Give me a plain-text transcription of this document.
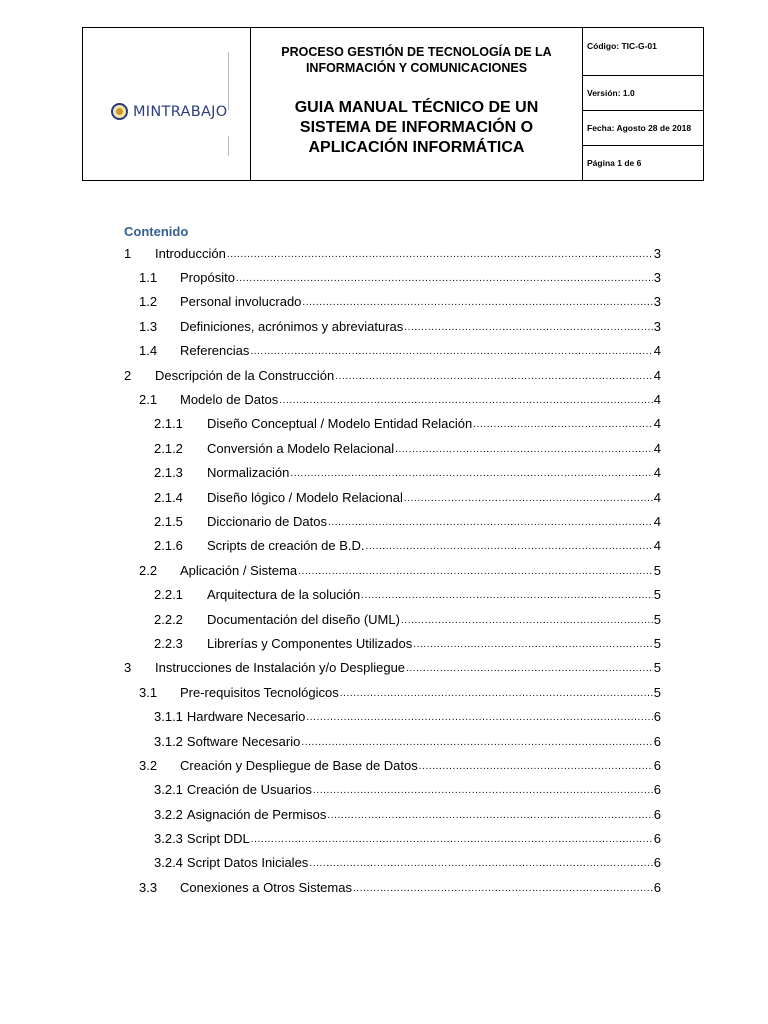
MINTRABAJO
PROCESO GESTIÓN DE TECNOLOGÍA DE LA
INFORMACIÓN Y COMUNICACIONES
GUIA MANUAL TÉCNICO DE UN
SISTEMA DE INFORMACIÓN O
APLICACIÓN INFORMÁTICA
Código: TIC-G-01
Versión: 1.0
Fecha: Agosto 28 de 2018
Página 1 de 6
Contenido
1	Introducción .....	3
1.1	Propósito .....	3
1.2	Personal involucrado .....	3
1.3	Definiciones, acrónimos y abreviaturas .....	3
1.4	Referencias .....	4
2	Descripción de la Construcción .....	4
2.1	Modelo de Datos .....	4
2.1.1	Diseño Conceptual / Modelo Entidad Relación .....	4
2.1.2	Conversión a Modelo Relacional .....	4
2.1.3	Normalización .....	4
2.1.4	Diseño lógico / Modelo Relacional .....	4
2.1.5	Diccionario de Datos .....	4
2.1.6	Scripts de creación de B.D. .....	4
2.2	Aplicación / Sistema .....	5
2.2.1	Arquitectura de la solución .....	5
2.2.2	Documentación del diseño (UML) .....	5
2.2.3	Librerías y Componentes Utilizados .....	5
3	Instrucciones de Instalación y/o Despliegue .....	5
3.1	Pre-requisitos Tecnológicos .....	5
3.1.1 Hardware Necesario .....	6
3.1.2 Software Necesario .....	6
3.2	Creación y Despliegue de Base de Datos .....	6
3.2.1 Creación de Usuarios .....	6
3.2.2 Asignación de Permisos .....	6
3.2.3 Script DDL .....	6
3.2.4 Script Datos Iniciales .....	6
3.3	Conexiones a Otros Sistemas .....	6
